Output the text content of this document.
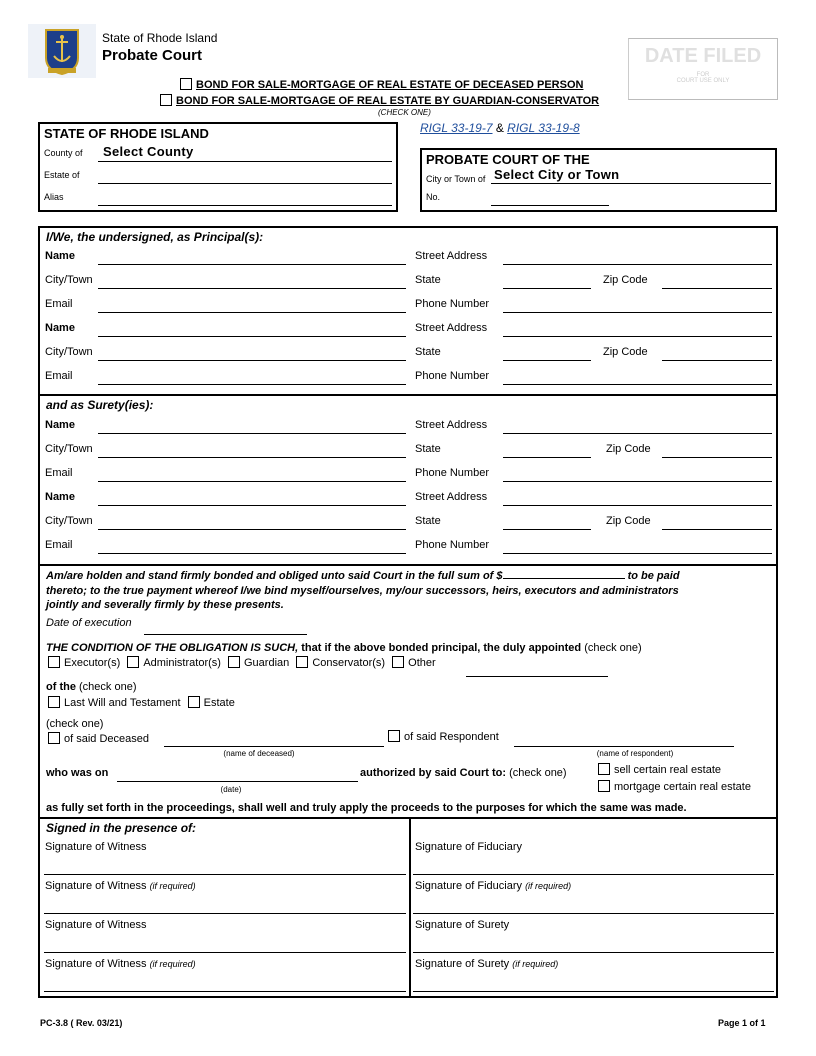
State of Rhode Island
Probate Court	DATE FILED
FOR
COURT USE ONLY
BOND FOR SALE-MORTGAGE OF REAL ESTATE OF DECEASED PERSON
BOND FOR SALE-MORTGAGE OF REAL ESTATE BY GUARDIAN-CONSERVATOR
(CHECK ONE)
RIGL 33-19-7 & RIGL 33-19-8
STATE OF RHODE ISLAND
County of Select County
Estate of
Alias
PROBATE COURT OF THE
City or Town of Select City or Town
No.
I/We, the undersigned, as Principal(s):
Name	Street Address
City/Town	State	Zip Code
Email	Phone Number
Name	Street Address
City/Town	State	Zip Code
Email	Phone Number
and as Surety(ies):
Name	Street Address
City/Town	State	Zip Code
Email	Phone Number
Name	Street Address
City/Town	State	Zip Code
Email	Phone Number
Am/are holden and stand firmly bonded and obliged unto said Court in the full sum of $	to be paid
thereto; to the true payment whereof I/we bind myself/ourselves, my/our successors, heirs, executors and administrators
jointly and severally firmly by these presents.
Date of execution
THE CONDITION OF THE OBLIGATION IS SUCH, that if the above bonded principal, the duly appointed (check one)
Executor(s) Administrator(s) Guardian Conservator(s) Other
of the (check one)
Last Will and Testament Estate
(check one)
of said Deceased
(name of deceased)
of said Respondent
(name of respondent)
who was on
(date)
authorized by said Court to: (check one)	sell certain real estate
mortgage certain real estate
as fully set forth in the proceedings, shall well and truly apply the proceeds to the purposes for which the same was made.
Signed in the presence of:
Signature of Witness	Signature of Fiduciary
Signature of Witness (if required)	Signature of Fiduciary (if required)
Signature of Witness	Signature of Surety
Signature of Witness (if required)	Signature of Surety (if required)
PC-3.8 ( Rev. 03/21)	Page 1 of 1
